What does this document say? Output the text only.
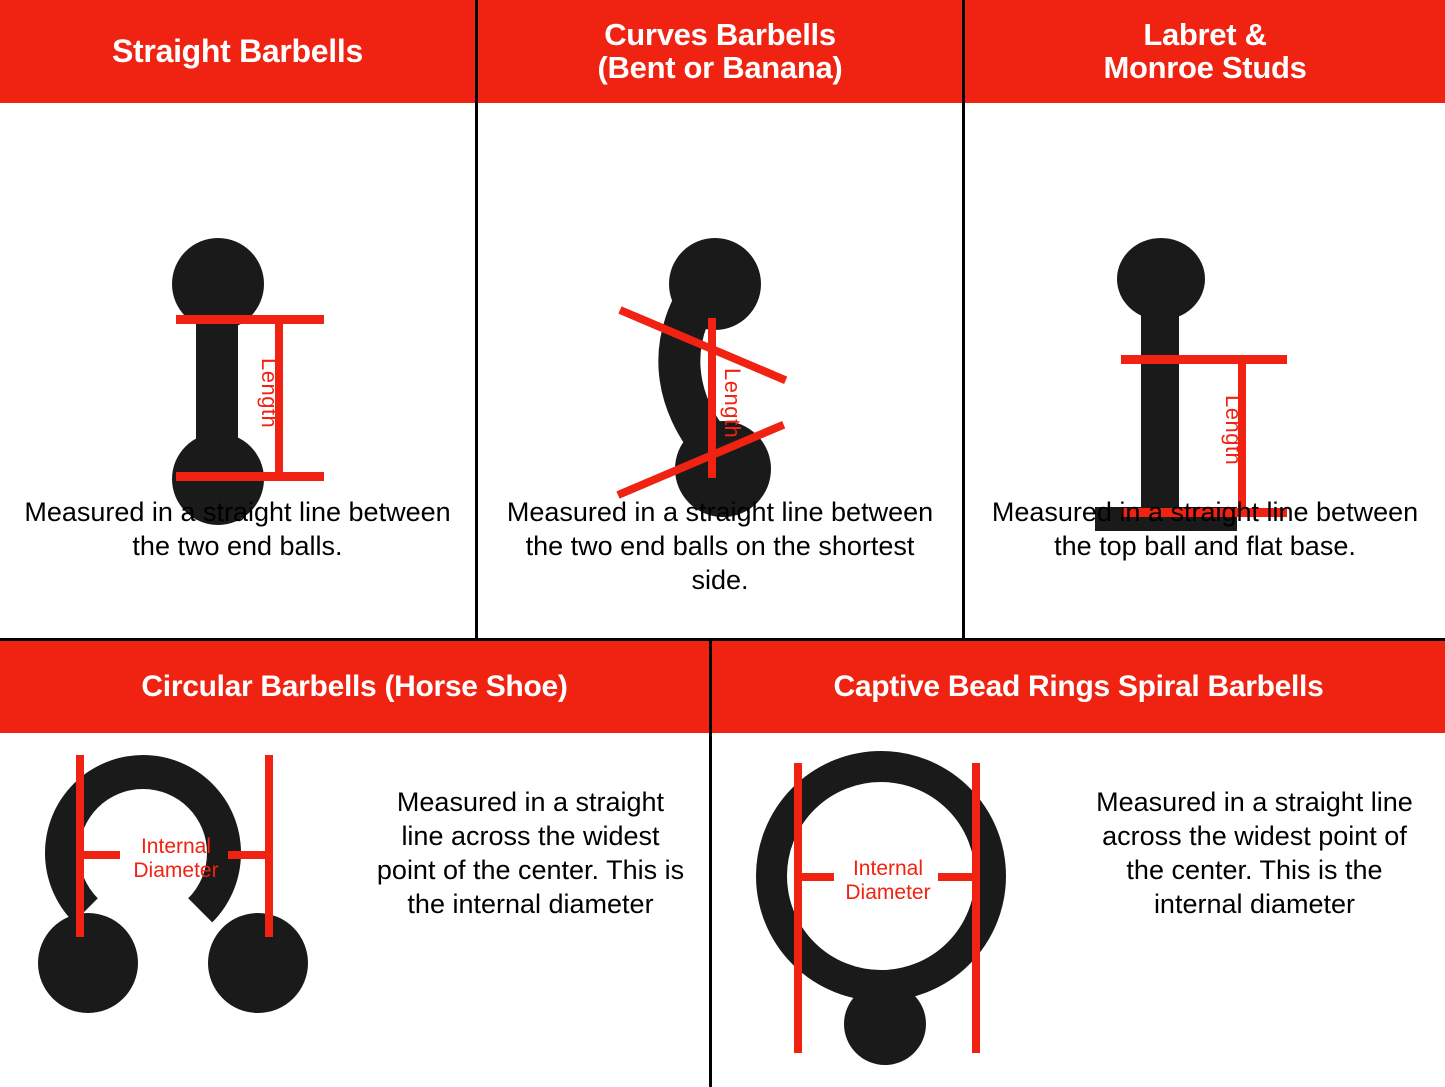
Straight Barbells
Length
Measured in a straight line between the two end balls.
Curves Barbells
(Bent or Banana)
Length
Measured in a straight line between the two end balls on the shortest side.
Labret &
Monroe Studs
Length
Measured in a straight line between the top ball and flat base.
Circular Barbells (Horse Shoe)
Internal
Diameter
Measured in a straight line across the widest point of the center. This is the internal diameter
Captive Bead Rings Spiral Barbells
Internal
Diameter
Measured in a straight line across the widest point of the center. This is the internal diameter
